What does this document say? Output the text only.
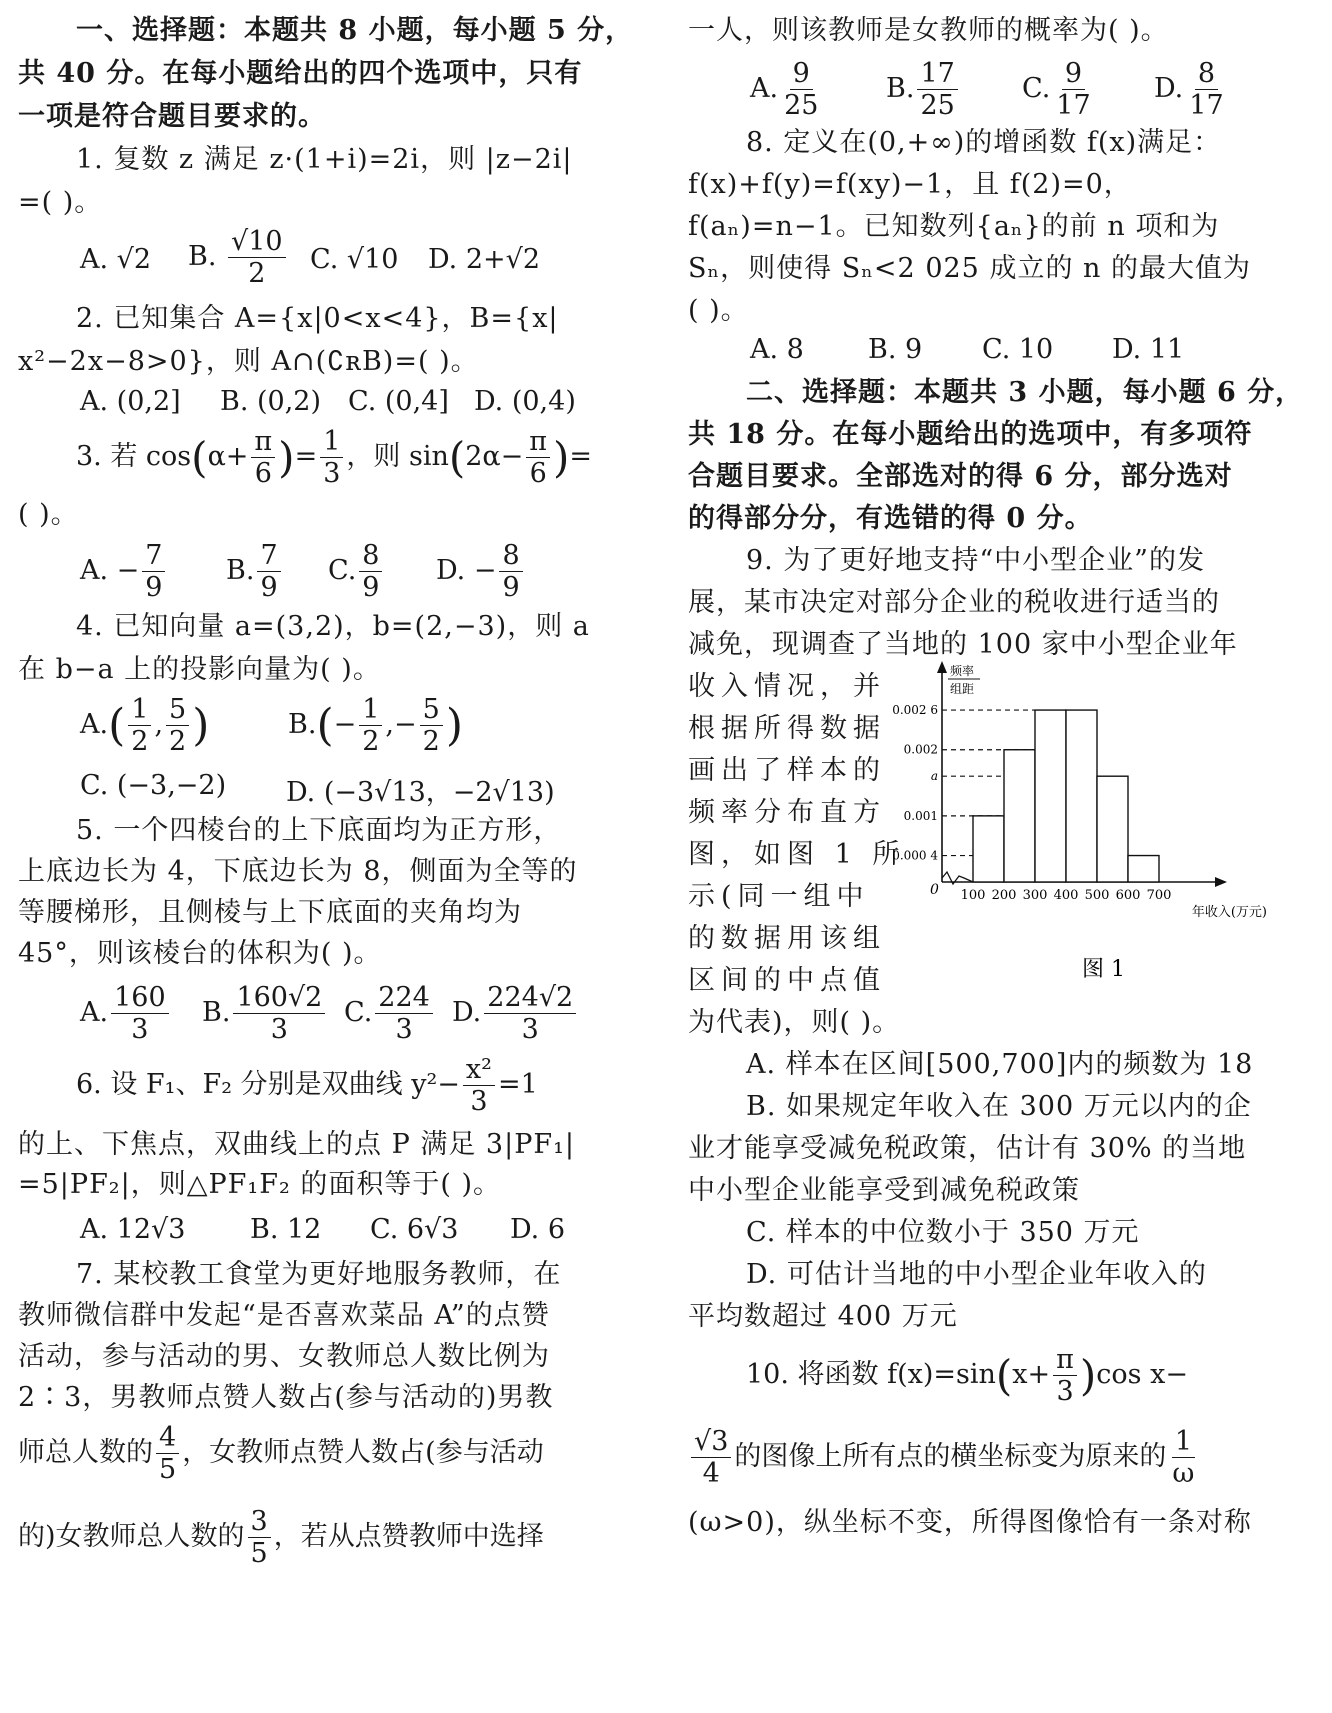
一、选择题：本题共 8 小题，每小题 5 分，
共 40 分。在每小题给出的四个选项中，只有
一项是符合题目要求的。
1. 复数 z 满足 z·(1+i)=2i，则 |z−2i|
=( )。
A. √2 B. $\frac{√10}{2} C$. √10 D. 2+√2
2. 已知集合 A={x|0<x<4}，B={x|
x²−2x−8>0}，则 A∩(∁ʀB)=( )。
A. (0,2] B. (0,2) C. (0,4] D. (0,4)
3. 若 $\cos(\alpha+ \frac{\pi}{6}$ )= $\frac{1}{3}$ ，则 $\sin(2\alpha- \frac{\pi}{6}$ )=
( )。
A. − $\frac{7}{9} B$. $\frac{7}{9} C$. $\frac{8}{9} D$. − $\frac{8}{9}$
4. 已知向量 a=(3,2)，b=(2,−3)，则 a
在 b−a 上的投影向量为( )。
$A.( \frac{1}{2}$ , $\frac{5}{2}$ )	$B.(- \frac{1}{2}$ ,− $\frac{5}{2}$ )
C. (−3,−2) D. (−3√13，−2√13)
5. 一个四棱台的上下底面均为正方形，
上底边长为 4，下底边长为 8，侧面为全等的
等腰梯形，且侧棱与上下底面的夹角均为
45°，则该棱台的体积为( )。
A. $\frac{160}{3} B$. $\frac{160√2}{3} C$. $\frac{224}{3} D$. $\frac{224√2}{3}$
6. 设 F₁、F₂ 分别是双曲线 $y^2- \frac{\text{x²}}{3} =1$
的上、下焦点，双曲线上的点 P 满足 3|PF₁|
=5|PF₂|，则△PF₁F₂ 的面积等于( )。
A. 12√3 B. 12 C. 6√3 D. 6
7. 某校教工食堂为更好地服务教师，在
教师微信群中发起“是否喜欢菜品 A”的点赞
活动，参与活动的男、女教师总人数比例为
2∶3，男教师点赞人数占(参与活动的)男教
师总人数的 $\frac{4}{5}$ ，女教师点赞人数占(参与活动
的)女教师总人数的 $\frac{3}{5}$ ，若从点赞教师中选择
一人，则该教师是女教师的概率为( )。
A. $\frac{9}{25} B$. $\frac{17}{25} C$. $\frac{9}{17} D$. $\frac{8}{17}$
8. 定义在(0,+∞)的增函数 f(x)满足：
f(x)+f(y)=f(xy)−1，且 f(2)=0，
f(aₙ)=n−1。已知数列{aₙ}的前 n 项和为
Sₙ，则使得 Sₙ<2 025 成立的 n 的最大值为
( )。
A. 8 B. 9 C. 10 D. 11
二、选择题：本题共 3 小题，每小题 6 分，
共 18 分。在每小题给出的选项中，有多项符
合题目要求。全部选对的得 6 分，部分选对
的得部分分，有选错的得 0 分。
9. 为了更好地支持“中小型企业”的发
展，某市决定对部分企业的税收进行适当的
减免，现调查了当地的 100 家中小型企业年
收入情况，并
根据所得数据
画出了样本的
频率分布直方
图，如图 1 所
示(同一组中
的数据用该组
区间的中点值
0
频率
组距
0.002 6
0.002
a
0.001
0.000 4
100 200 300 400 500 600 700
年收入(万元)
图 1
为代表)，则( )。
A. 样本在区间[500,700]内的频数为 18
B. 如果规定年收入在 300 万元以内的企
业才能享受减免税政策，估计有 30% 的当地
中小型企业能享受到减免税政策
C. 样本的中位数小于 350 万元
D. 可估计当地的中小型企业年收入的
平均数超过 400 万元
10. 将函数 $f(x)=\sin(x+ \frac{\pi}{3} )\cos$ x−
$\frac{√3}{4}$ 的图像上所有点的横坐标变为原来的 $\frac{1}{\omega}$
(ω>0)，纵坐标不变，所得图像恰有一条对称
